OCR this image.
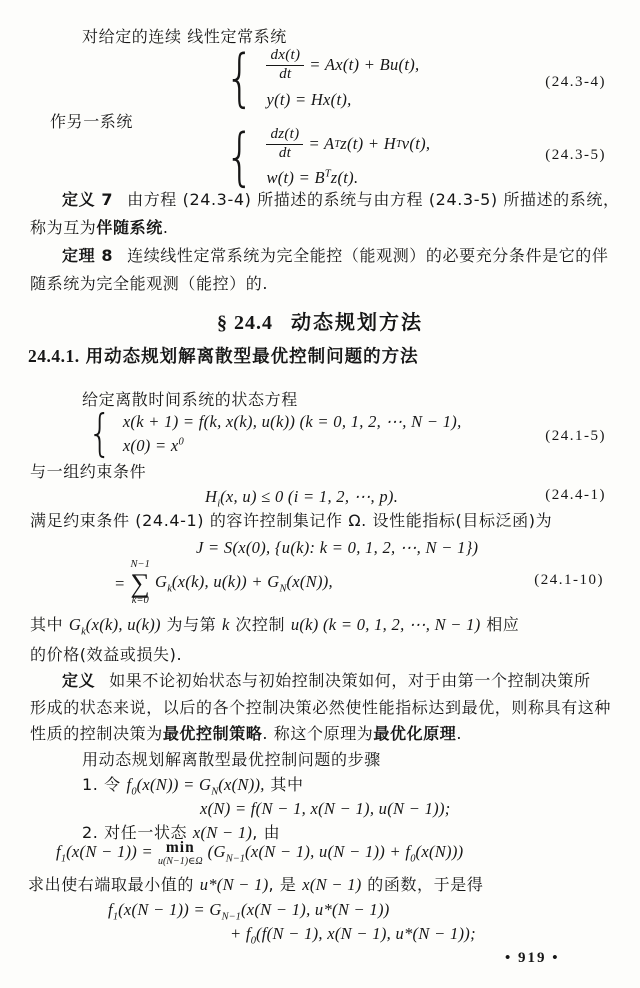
对给定的连续 线性定常系统
{ $\frac{dx(t)}{dt} = Ax(t) + Bu(t)$,
y(t) = Hx(t),
(24.3-4)
作另一系统 { $\frac{dz(t)}{dt} = A$ T z(t) + H T v(t),
$w(t) = B^Tz(t)$.
(24.3-5)
定义 7 由方程 (24.3-4) 所描述的系统与由方程 (24.3-5) 所描述的系统，
称为互为伴随系统.
定理 8 连续线性定常系统为完全能控（能观测）的必要充分条件是它的伴
随系统为完全能观测（能控）的.
§ 24.4 动态规划方法
24.4.1. 用动态规划解离散型最优控制问题的方法
给定离散时间系统的状态方程
{ x(k + 1) = f(k, x(k), u(k)) (k = 0, 1, 2, ⋯, N − 1),
$x(0) = x^0$	(24.1-5)
与一组约束条件
$H_i(x$, u) ≤ 0 (i = 1, 2, ⋯, p).	(24.4-1)
满足约束条件 (24.4-1) 的容许控制集记作 Ω. 设性能指标(目标泛函)为
J = S(x(0), {u(k): k = 0, 1, 2, ⋯, N − 1})
=
N−1
∑
k=0
$G_k(x(k)$, $u(k)) + G_N(x(N))$,	(24.1-10)
其中 $G_k(x(k)$, u(k)) 为与第 k 次控制 u(k) (k = 0, 1, 2, ⋯, N − 1) 相应
的价格(效益或损失).
定义 如果不论初始状态与初始控制决策如何，对于由第一个控制决策所
形成的状态来说，以后的各个控制决策必然使性能指标达到最优，则称具有这种
性质的控制决策为最优控制策略. 称这个原理为最优化原理.
用动态规划解离散型最优控制问题的步骤
1. 令 $f_0(x(N)) = G_N(x(N))$, 其中
x(N) = f(N − 1, x(N − 1), u(N − 1));
2. 对任一状态 x(N − 1), 由
$f_1(x(N - 1)) = \min$
u(N−1)∈Ω
($G_{N-1}(x(N - 1)$, $u(N - 1)) + f_0(x(N))$)
求出使右端取最小值的 u*(N − 1), 是 x(N − 1) 的函数，于是得
$f_1(x(N - 1)) = G_{N-1}(x(N - 1)$, u*(N − 1))
+ $f_0(f(N - 1)$, x(N − 1), u*(N − 1));
• 919 •
